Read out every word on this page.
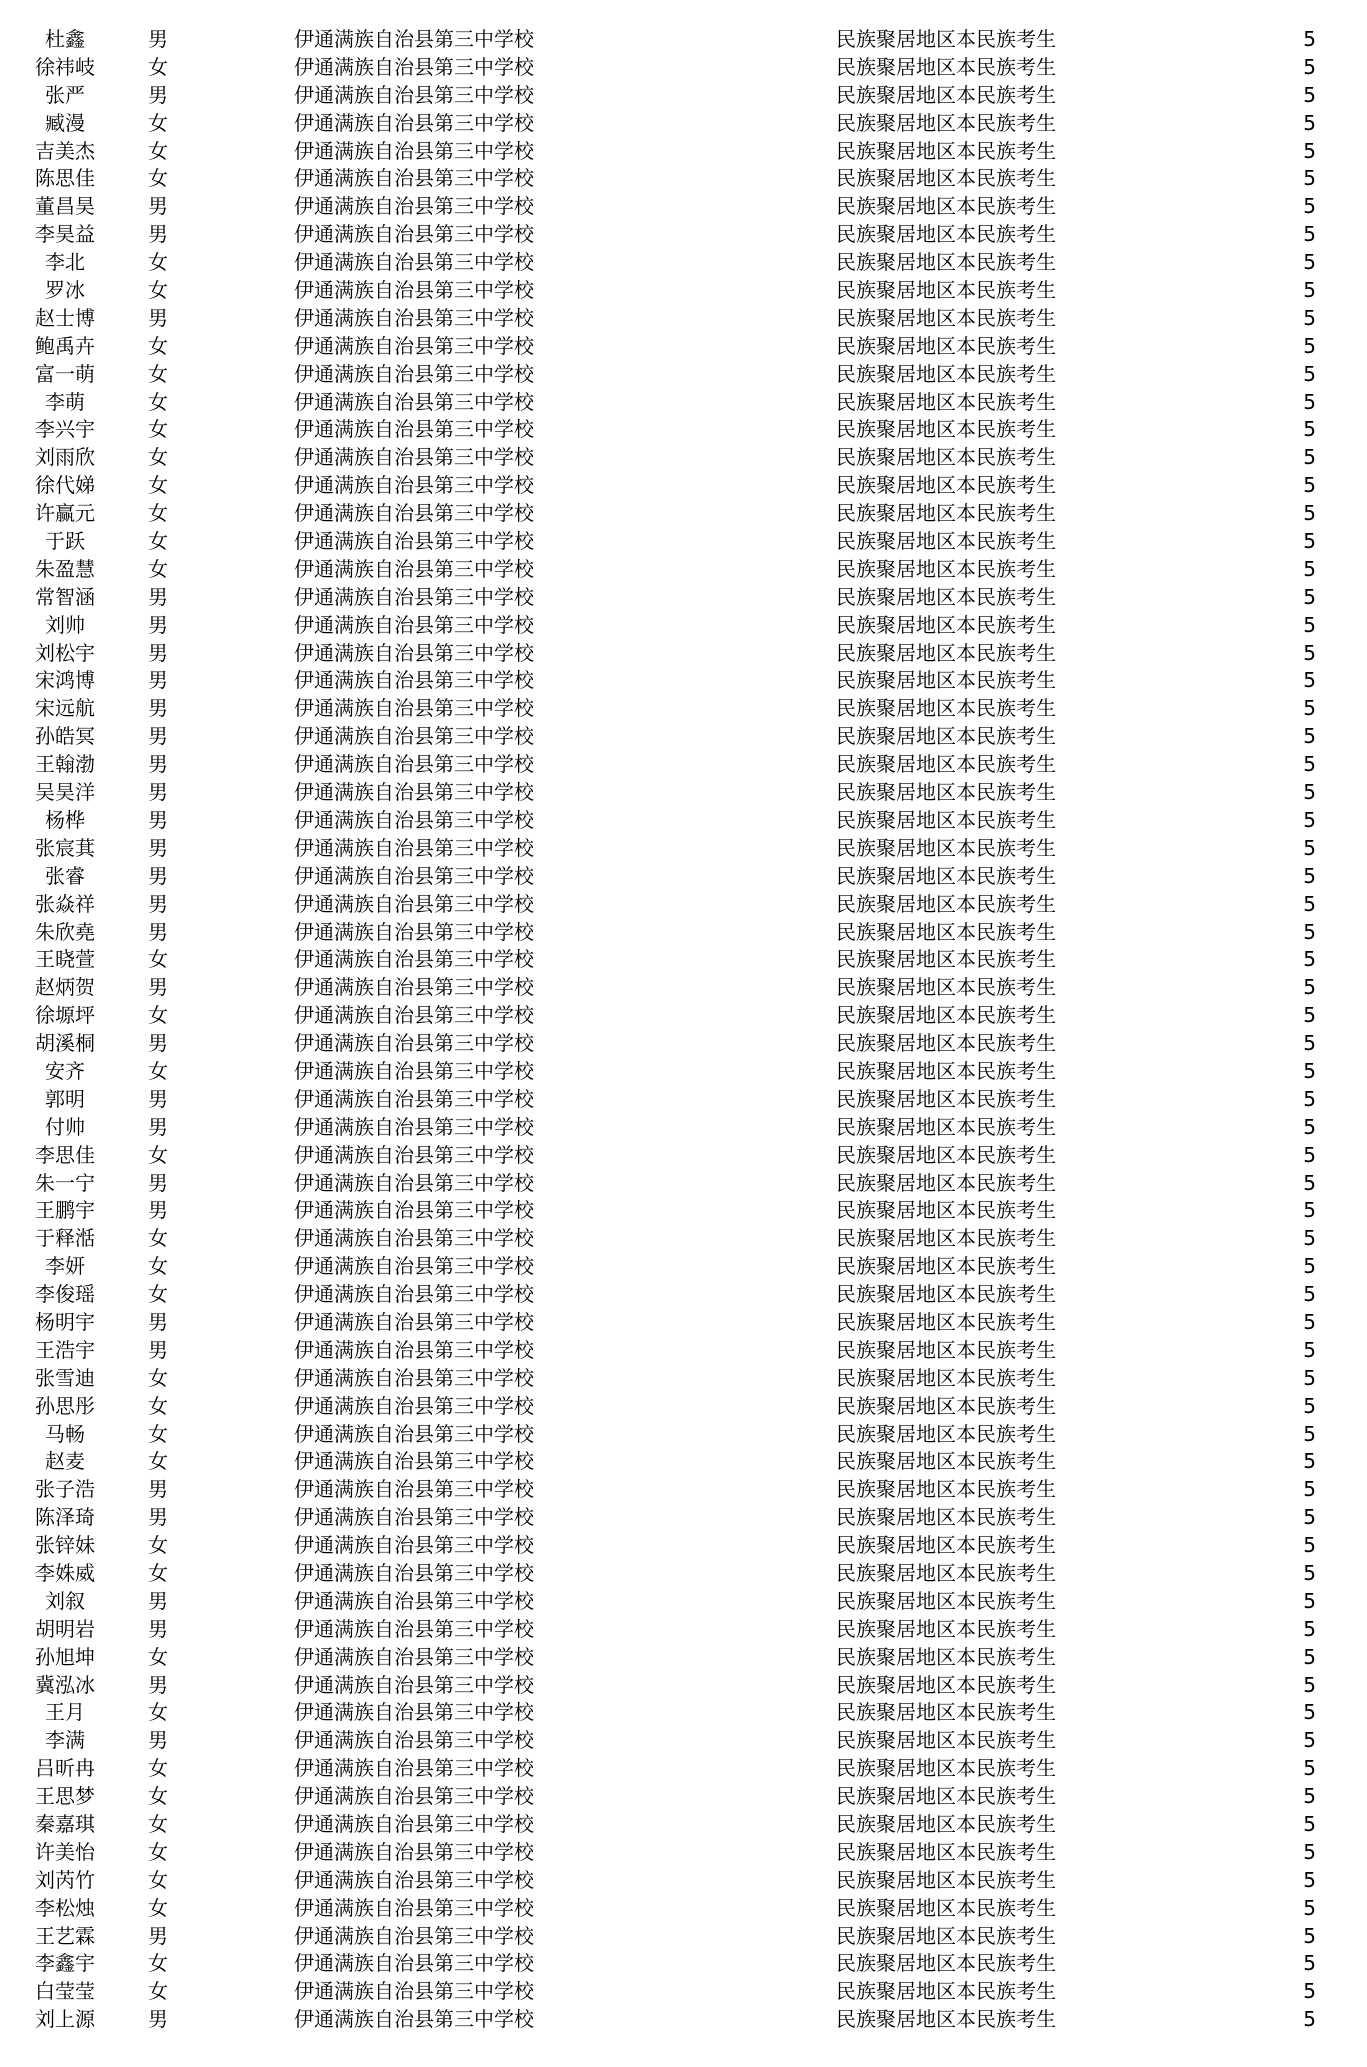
杜鑫	男	伊通满族自治县第三中学校	民族聚居地区本民族考生	5
徐祎岐	女	伊通满族自治县第三中学校	民族聚居地区本民族考生	5
张严	男	伊通满族自治县第三中学校	民族聚居地区本民族考生	5
臧漫	女	伊通满族自治县第三中学校	民族聚居地区本民族考生	5
吉美杰	女	伊通满族自治县第三中学校	民族聚居地区本民族考生	5
陈思佳	女	伊通满族自治县第三中学校	民族聚居地区本民族考生	5
董昌昊	男	伊通满族自治县第三中学校	民族聚居地区本民族考生	5
李昊益	男	伊通满族自治县第三中学校	民族聚居地区本民族考生	5
李北	女	伊通满族自治县第三中学校	民族聚居地区本民族考生	5
罗冰	女	伊通满族自治县第三中学校	民族聚居地区本民族考生	5
赵士博	男	伊通满族自治县第三中学校	民族聚居地区本民族考生	5
鲍禹卉	女	伊通满族自治县第三中学校	民族聚居地区本民族考生	5
富一萌	女	伊通满族自治县第三中学校	民族聚居地区本民族考生	5
李萌	女	伊通满族自治县第三中学校	民族聚居地区本民族考生	5
李兴宇	女	伊通满族自治县第三中学校	民族聚居地区本民族考生	5
刘雨欣	女	伊通满族自治县第三中学校	民族聚居地区本民族考生	5
徐代娣	女	伊通满族自治县第三中学校	民族聚居地区本民族考生	5
许赢元	女	伊通满族自治县第三中学校	民族聚居地区本民族考生	5
于跃	女	伊通满族自治县第三中学校	民族聚居地区本民族考生	5
朱盈慧	女	伊通满族自治县第三中学校	民族聚居地区本民族考生	5
常智涵	男	伊通满族自治县第三中学校	民族聚居地区本民族考生	5
刘帅	男	伊通满族自治县第三中学校	民族聚居地区本民族考生	5
刘松宇	男	伊通满族自治县第三中学校	民族聚居地区本民族考生	5
宋鸿博	男	伊通满族自治县第三中学校	民族聚居地区本民族考生	5
宋远航	男	伊通满族自治县第三中学校	民族聚居地区本民族考生	5
孙皓冥	男	伊通满族自治县第三中学校	民族聚居地区本民族考生	5
王翰渤	男	伊通满族自治县第三中学校	民族聚居地区本民族考生	5
吴昊洋	男	伊通满族自治县第三中学校	民族聚居地区本民族考生	5
杨桦	男	伊通满族自治县第三中学校	民族聚居地区本民族考生	5
张宸萁	男	伊通满族自治县第三中学校	民族聚居地区本民族考生	5
张睿	男	伊通满族自治县第三中学校	民族聚居地区本民族考生	5
张焱祥	男	伊通满族自治县第三中学校	民族聚居地区本民族考生	5
朱欣堯	男	伊通满族自治县第三中学校	民族聚居地区本民族考生	5
王晓萱	女	伊通满族自治县第三中学校	民族聚居地区本民族考生	5
赵炳贺	男	伊通满族自治县第三中学校	民族聚居地区本民族考生	5
徐塬坪	女	伊通满族自治县第三中学校	民族聚居地区本民族考生	5
胡溪桐	男	伊通满族自治县第三中学校	民族聚居地区本民族考生	5
安齐	女	伊通满族自治县第三中学校	民族聚居地区本民族考生	5
郭明	男	伊通满族自治县第三中学校	民族聚居地区本民族考生	5
付帅	男	伊通满族自治县第三中学校	民族聚居地区本民族考生	5
李思佳	女	伊通满族自治县第三中学校	民族聚居地区本民族考生	5
朱一宁	男	伊通满族自治县第三中学校	民族聚居地区本民族考生	5
王鹏宇	男	伊通满族自治县第三中学校	民族聚居地区本民族考生	5
于释湉	女	伊通满族自治县第三中学校	民族聚居地区本民族考生	5
李妍	女	伊通满族自治县第三中学校	民族聚居地区本民族考生	5
李俊瑶	女	伊通满族自治县第三中学校	民族聚居地区本民族考生	5
杨明宇	男	伊通满族自治县第三中学校	民族聚居地区本民族考生	5
王浩宇	男	伊通满族自治县第三中学校	民族聚居地区本民族考生	5
张雪迪	女	伊通满族自治县第三中学校	民族聚居地区本民族考生	5
孙思彤	女	伊通满族自治县第三中学校	民族聚居地区本民族考生	5
马畅	女	伊通满族自治县第三中学校	民族聚居地区本民族考生	5
赵麦	女	伊通满族自治县第三中学校	民族聚居地区本民族考生	5
张子浩	男	伊通满族自治县第三中学校	民族聚居地区本民族考生	5
陈泽琦	男	伊通满族自治县第三中学校	民族聚居地区本民族考生	5
张锌妹	女	伊通满族自治县第三中学校	民族聚居地区本民族考生	5
李姝威	女	伊通满族自治县第三中学校	民族聚居地区本民族考生	5
刘叙	男	伊通满族自治县第三中学校	民族聚居地区本民族考生	5
胡明岩	男	伊通满族自治县第三中学校	民族聚居地区本民族考生	5
孙旭坤	女	伊通满族自治县第三中学校	民族聚居地区本民族考生	5
冀泓冰	男	伊通满族自治县第三中学校	民族聚居地区本民族考生	5
王月	女	伊通满族自治县第三中学校	民族聚居地区本民族考生	5
李满	男	伊通满族自治县第三中学校	民族聚居地区本民族考生	5
吕昕冉	女	伊通满族自治县第三中学校	民族聚居地区本民族考生	5
王思梦	女	伊通满族自治县第三中学校	民族聚居地区本民族考生	5
秦嘉琪	女	伊通满族自治县第三中学校	民族聚居地区本民族考生	5
许美怡	女	伊通满族自治县第三中学校	民族聚居地区本民族考生	5
刘芮竹	女	伊通满族自治县第三中学校	民族聚居地区本民族考生	5
李松烛	女	伊通满族自治县第三中学校	民族聚居地区本民族考生	5
王艺霖	男	伊通满族自治县第三中学校	民族聚居地区本民族考生	5
李鑫宇	女	伊通满族自治县第三中学校	民族聚居地区本民族考生	5
白莹莹	女	伊通满族自治县第三中学校	民族聚居地区本民族考生	5
刘上源	男	伊通满族自治县第三中学校	民族聚居地区本民族考生	5
